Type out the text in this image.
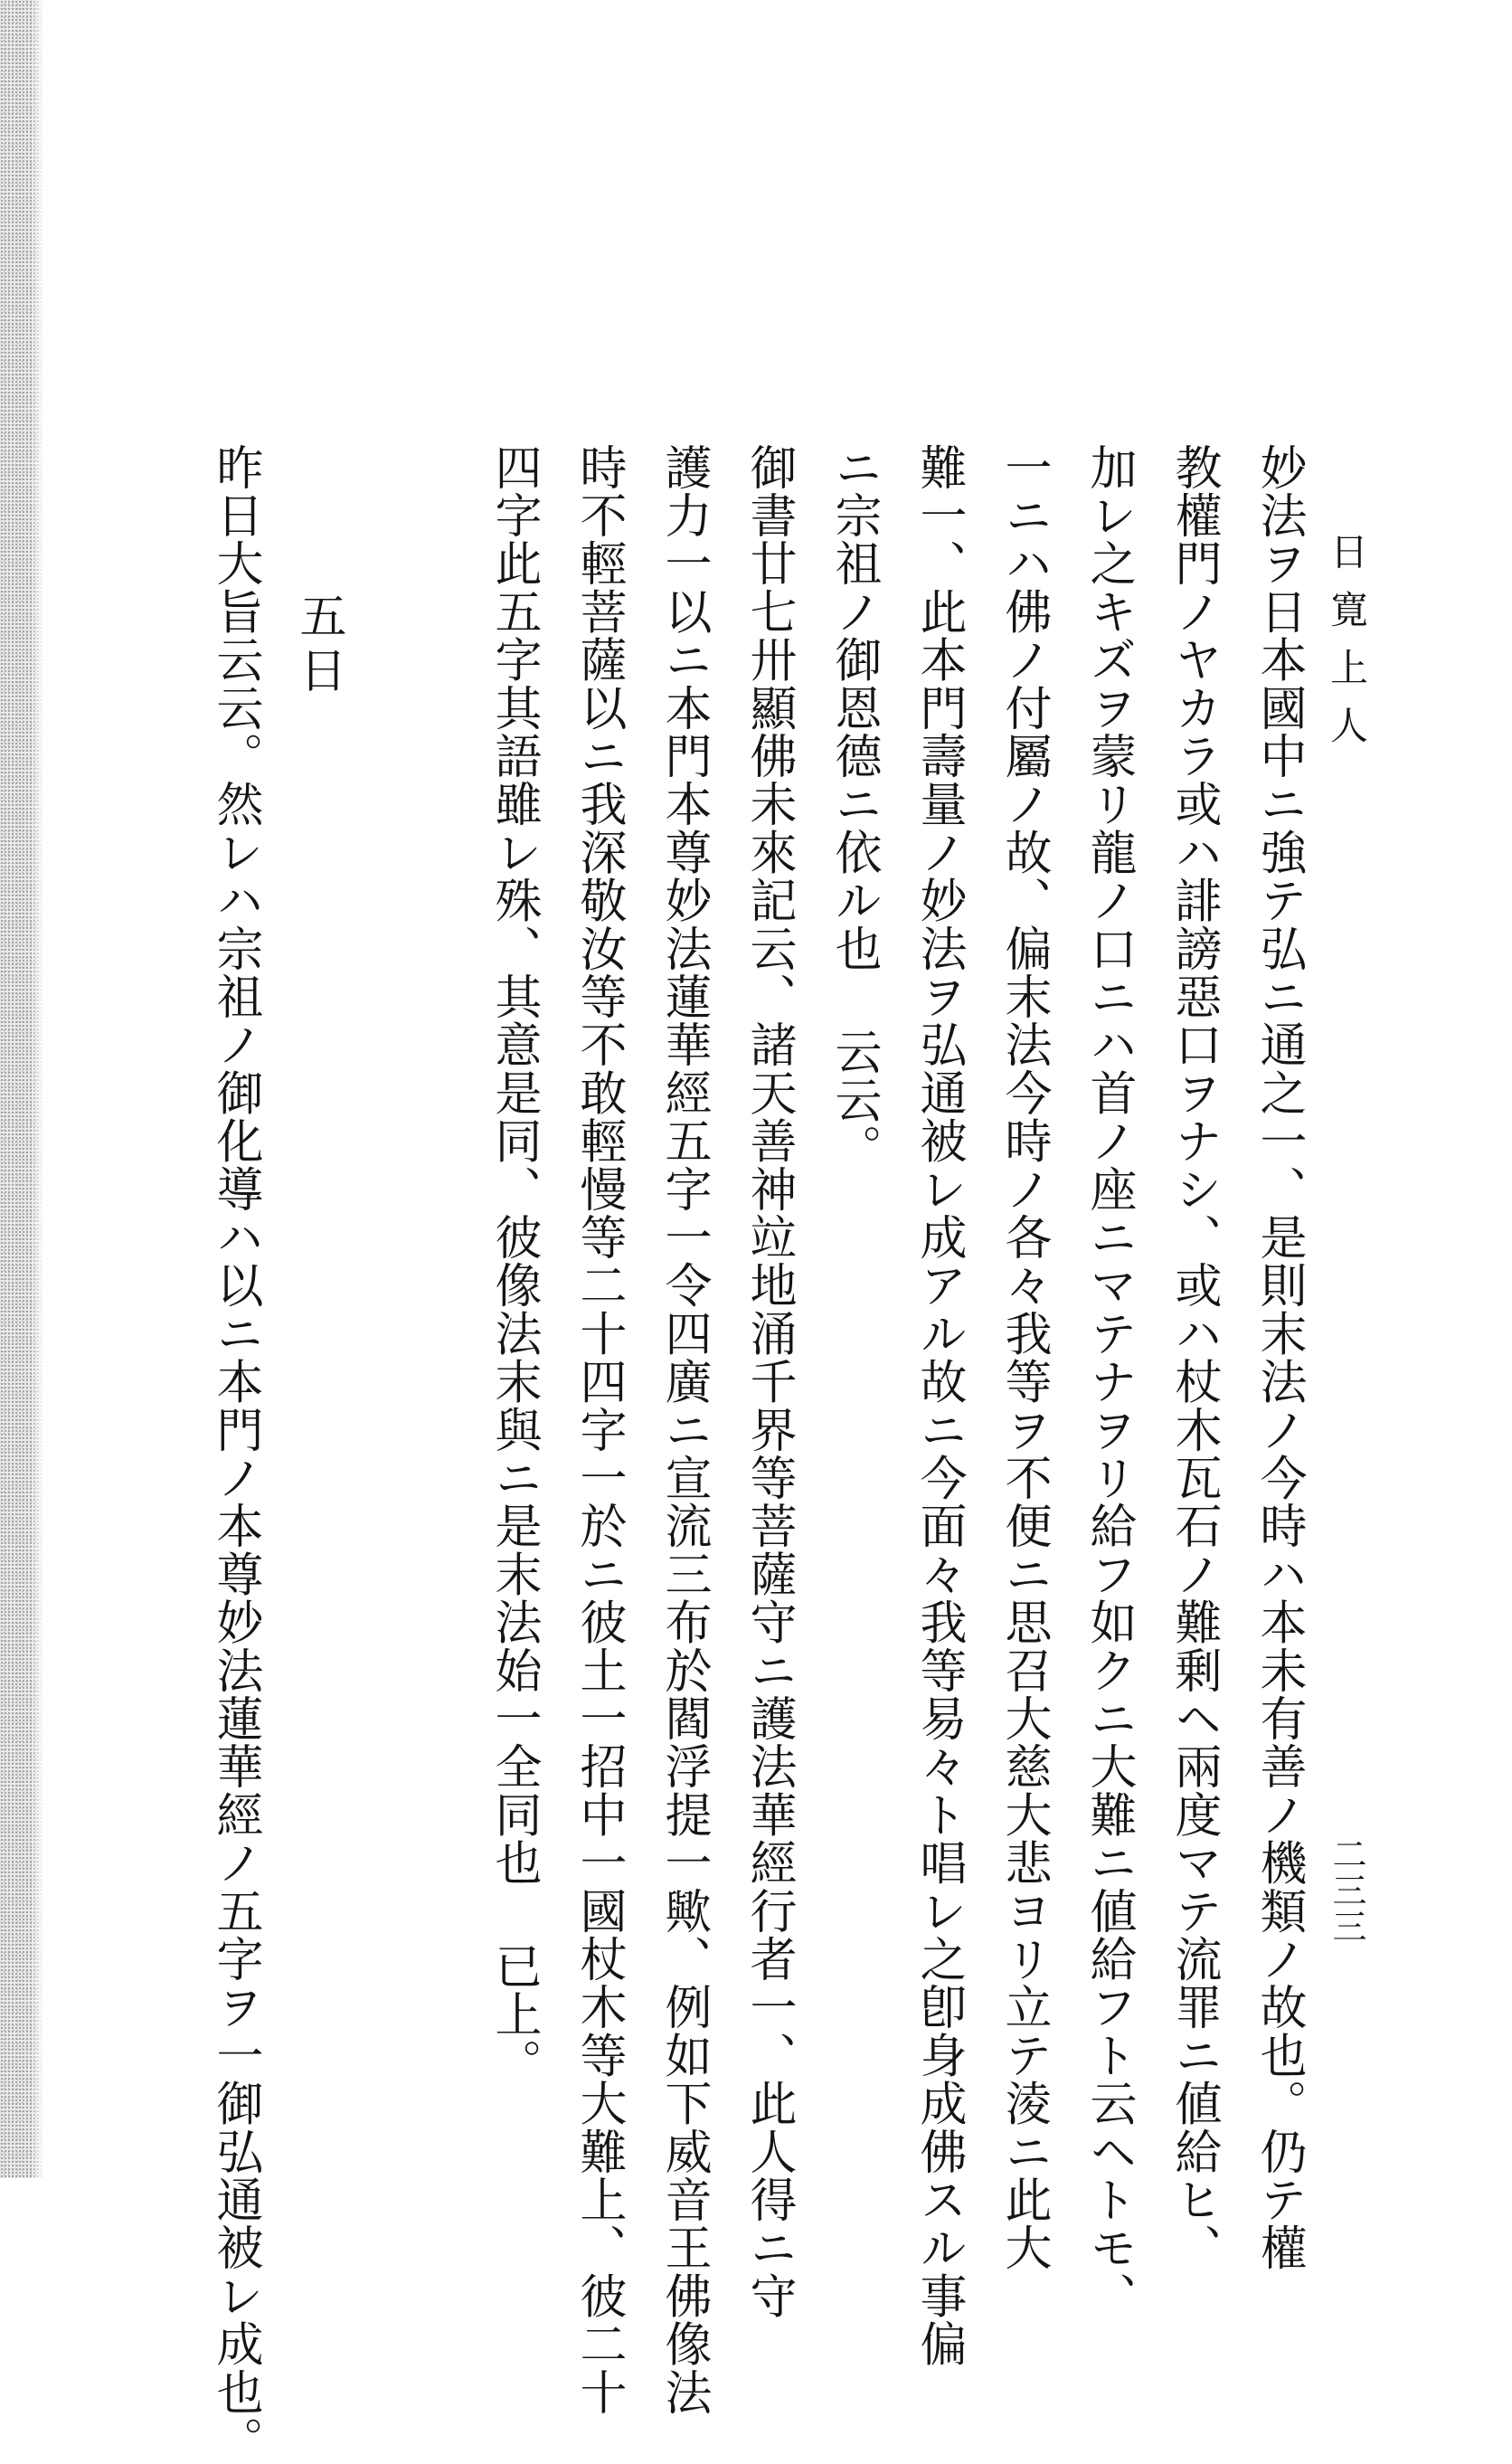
日寛上人
二三三
妙法ヲ日本國中ニ強テ弘ニ通之一、是則末法ノ今時ハ本未有善ノ機類ノ故也。仍テ權
教權門ノヤカラ或ハ誹謗惡口ヲナシ、或ハ杖木瓦石ノ難剰ヘ兩度マテ流罪ニ値給ヒ、
加レ之キズヲ蒙リ龍ノ口ニハ首ノ座ニマテナヲリ給フ如クニ大難ニ値給フト云ヘトモ、
一ニハ佛ノ付屬ノ故、偏末法今時ノ各々我等ヲ不便ニ思召大慈大悲ヨリ立テ淩ニ此大
難一、此本門壽量ノ妙法ヲ弘通被レ成アル故ニ今面々我等易々ト唱レ之卽身成佛スル事偏
ニ宗祖ノ御恩德ニ依ル也 云云。
御書廿七卅顯佛未來記云、諸天善神竝地涌千界等菩薩守ニ護法華經行者一、此人得ニ守
護力一以ニ本門本尊妙法蓮華經五字一令四廣ニ宣流三布於閻浮提一歟、例如下威音王佛像法
時不輕菩薩以ニ我深敬汝等不敢輕慢等二十四字一於ニ彼土一招中一國杖木等大難上、彼二十
四字此五字其語雖レ殊、其意是同、彼像法末與ニ是末法始一全同也 已上。
五日
昨日大旨云云。然レハ宗祖ノ御化導ハ以ニ本門ノ本尊妙法蓮華經ノ五字ヲ一御弘通被レ成也。
